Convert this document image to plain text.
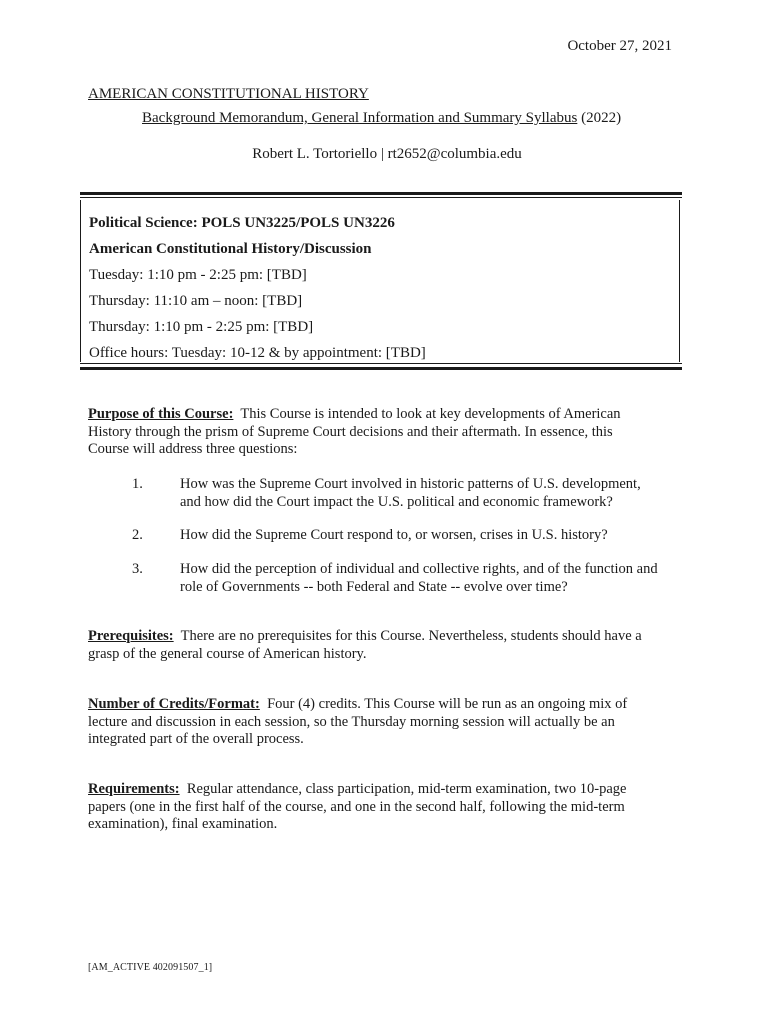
October 27, 2021
AMERICAN CONSTITUTIONAL HISTORY
Background Memorandum, General Information and Summary Syllabus (2022)
Robert L. Tortoriello | rt2652@columbia.edu
Political Science: POLS UN3225/POLS UN3226
American Constitutional History/Discussion
Tuesday: 1:10 pm - 2:25 pm: [TBD]
Thursday: 11:10 am – noon: [TBD]
Thursday: 1:10 pm - 2:25 pm: [TBD]
Office hours: Tuesday: 10-12 & by appointment: [TBD]
Purpose of this Course: This Course is intended to look at key developments of American
History through the prism of Supreme Court decisions and their aftermath. In essence, this
Course will address three questions:
1.	How was the Supreme Court involved in historic patterns of U.S. development,
and how did the Court impact the U.S. political and economic framework?
2.	How did the Supreme Court respond to, or worsen, crises in U.S. history?
3.	How did the perception of individual and collective rights, and of the function and
role of Governments -- both Federal and State -- evolve over time?
Prerequisites: There are no prerequisites for this Course. Nevertheless, students should have a
grasp of the general course of American history.
Number of Credits/Format: Four (4) credits. This Course will be run as an ongoing mix of
lecture and discussion in each session, so the Thursday morning session will actually be an
integrated part of the overall process.
Requirements: Regular attendance, class participation, mid-term examination, two 10-page
papers (one in the first half of the course, and one in the second half, following the mid-term
examination), final examination.
[AM_ACTIVE 402091507_1]
